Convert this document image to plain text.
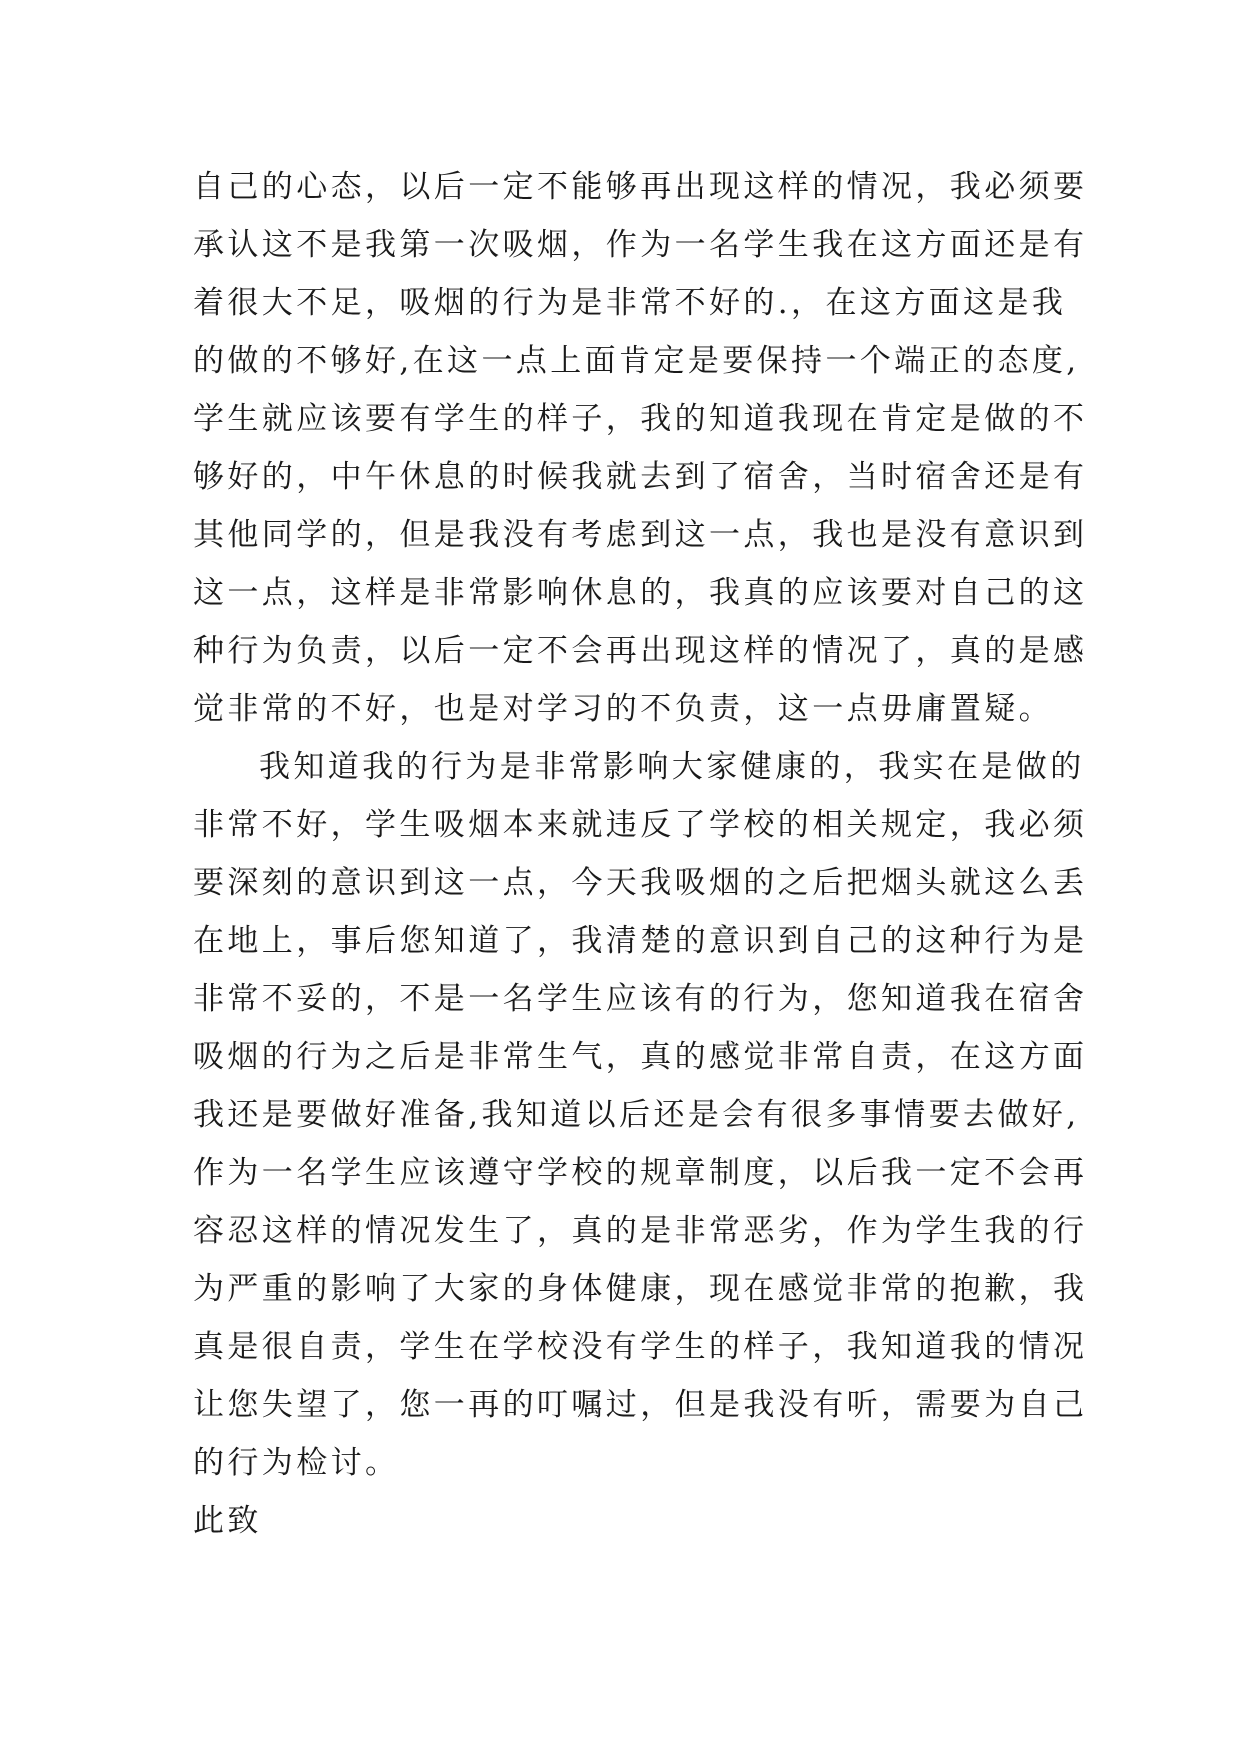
自己的心态，以后一定不能够再出现这样的情况，我必须要
承认这不是我第一次吸烟，作为一名学生我在这方面还是有
着很大不足，吸烟的行为是非常不好的.，在这方面这是我
的做的不够好,在这一点上面肯定是要保持一个端正的态度,
学生就应该要有学生的样子，我的知道我现在肯定是做的不
够好的，中午休息的时候我就去到了宿舍，当时宿舍还是有
其他同学的，但是我没有考虑到这一点，我也是没有意识到
这一点，这样是非常影响休息的，我真的应该要对自己的这
种行为负责，以后一定不会再出现这样的情况了，真的是感
觉非常的不好，也是对学习的不负责，这一点毋庸置疑。
我知道我的行为是非常影响大家健康的，我实在是做的
非常不好，学生吸烟本来就违反了学校的相关规定，我必须
要深刻的意识到这一点，今天我吸烟的之后把烟头就这么丢
在地上，事后您知道了，我清楚的意识到自己的这种行为是
非常不妥的，不是一名学生应该有的行为，您知道我在宿舍
吸烟的行为之后是非常生气，真的感觉非常自责，在这方面
我还是要做好准备,我知道以后还是会有很多事情要去做好,
作为一名学生应该遵守学校的规章制度，以后我一定不会再
容忍这样的情况发生了，真的是非常恶劣，作为学生我的行
为严重的影响了大家的身体健康，现在感觉非常的抱歉，我
真是很自责，学生在学校没有学生的样子，我知道我的情况
让您失望了，您一再的叮嘱过，但是我没有听，需要为自己
的行为检讨。
此致
